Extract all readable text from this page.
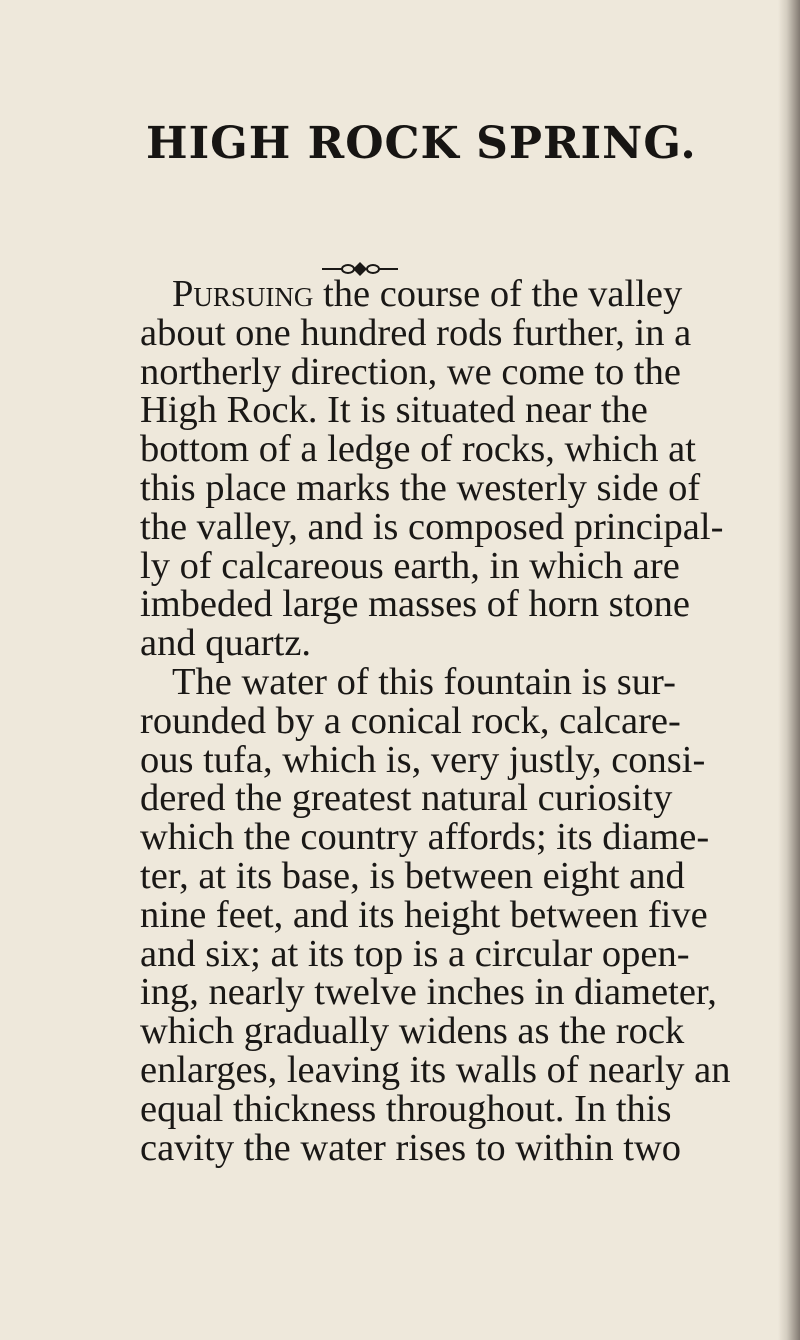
HIGH ROCK SPRING.
Pursuing the course of the valley
about one hundred rods further, in a
northerly direction, we come to the
High Rock. It is situated near the
bottom of a ledge of rocks, which at
this place marks the westerly side of
the valley, and is composed principal-
ly of calcareous earth, in which are
imbeded large masses of horn stone
and quartz.
The water of this fountain is sur-
rounded by a conical rock, calcare-
ous tufa, which is, very justly, consi-
dered the greatest natural curiosity
which the country affords; its diame-
ter, at its base, is between eight and
nine feet, and its height between five
and six; at its top is a circular open-
ing, nearly twelve inches in diameter,
which gradually widens as the rock
enlarges, leaving its walls of nearly an
equal thickness throughout. In this
cavity the water rises to within two
